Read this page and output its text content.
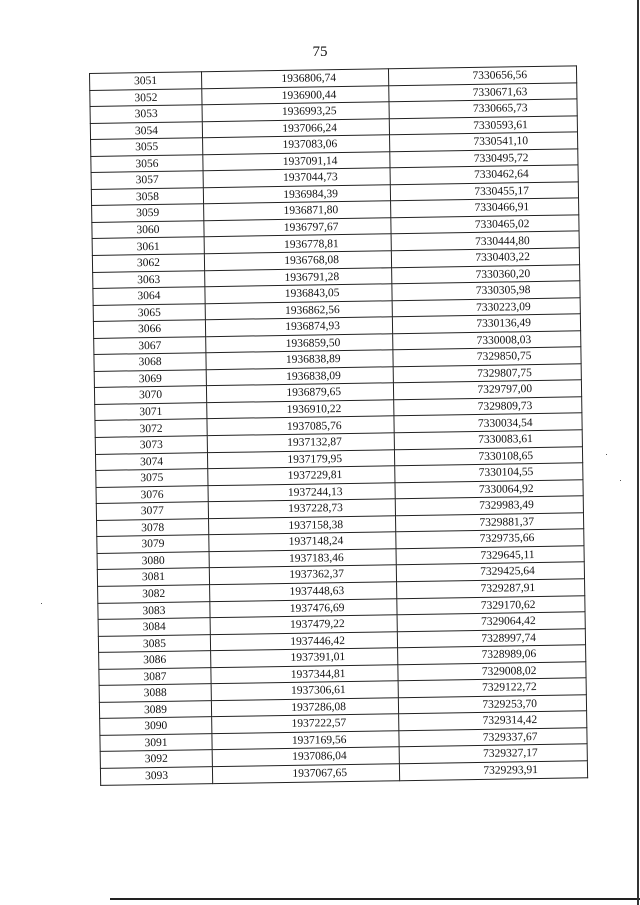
75
3051	1936806,74	7330656,56
3052	1936900,44	7330671,63
3053	1936993,25	7330665,73
3054	1937066,24	7330593,61
3055	1937083,06	7330541,10
3056	1937091,14	7330495,72
3057	1937044,73	7330462,64
3058	1936984,39	7330455,17
3059	1936871,80	7330466,91
3060	1936797,67	7330465,02
3061	1936778,81	7330444,80
3062	1936768,08	7330403,22
3063	1936791,28	7330360,20
3064	1936843,05	7330305,98
3065	1936862,56	7330223,09
3066	1936874,93	7330136,49
3067	1936859,50	7330008,03
3068	1936838,89	7329850,75
3069	1936838,09	7329807,75
3070	1936879,65	7329797,00
3071	1936910,22	7329809,73
3072	1937085,76	7330034,54
3073	1937132,87	7330083,61
3074	1937179,95	7330108,65
3075	1937229,81	7330104,55
3076	1937244,13	7330064,92
3077	1937228,73	7329983,49
3078	1937158,38	7329881,37
3079	1937148,24	7329735,66
3080	1937183,46	7329645,11
3081	1937362,37	7329425,64
3082	1937448,63	7329287,91
3083	1937476,69	7329170,62
3084	1937479,22	7329064,42
3085	1937446,42	7328997,74
3086	1937391,01	7328989,06
3087	1937344,81	7329008,02
3088	1937306,61	7329122,72
3089	1937286,08	7329253,70
3090	1937222,57	7329314,42
3091	1937169,56	7329337,67
3092	1937086,04	7329327,17
3093	1937067,65	7329293,91
